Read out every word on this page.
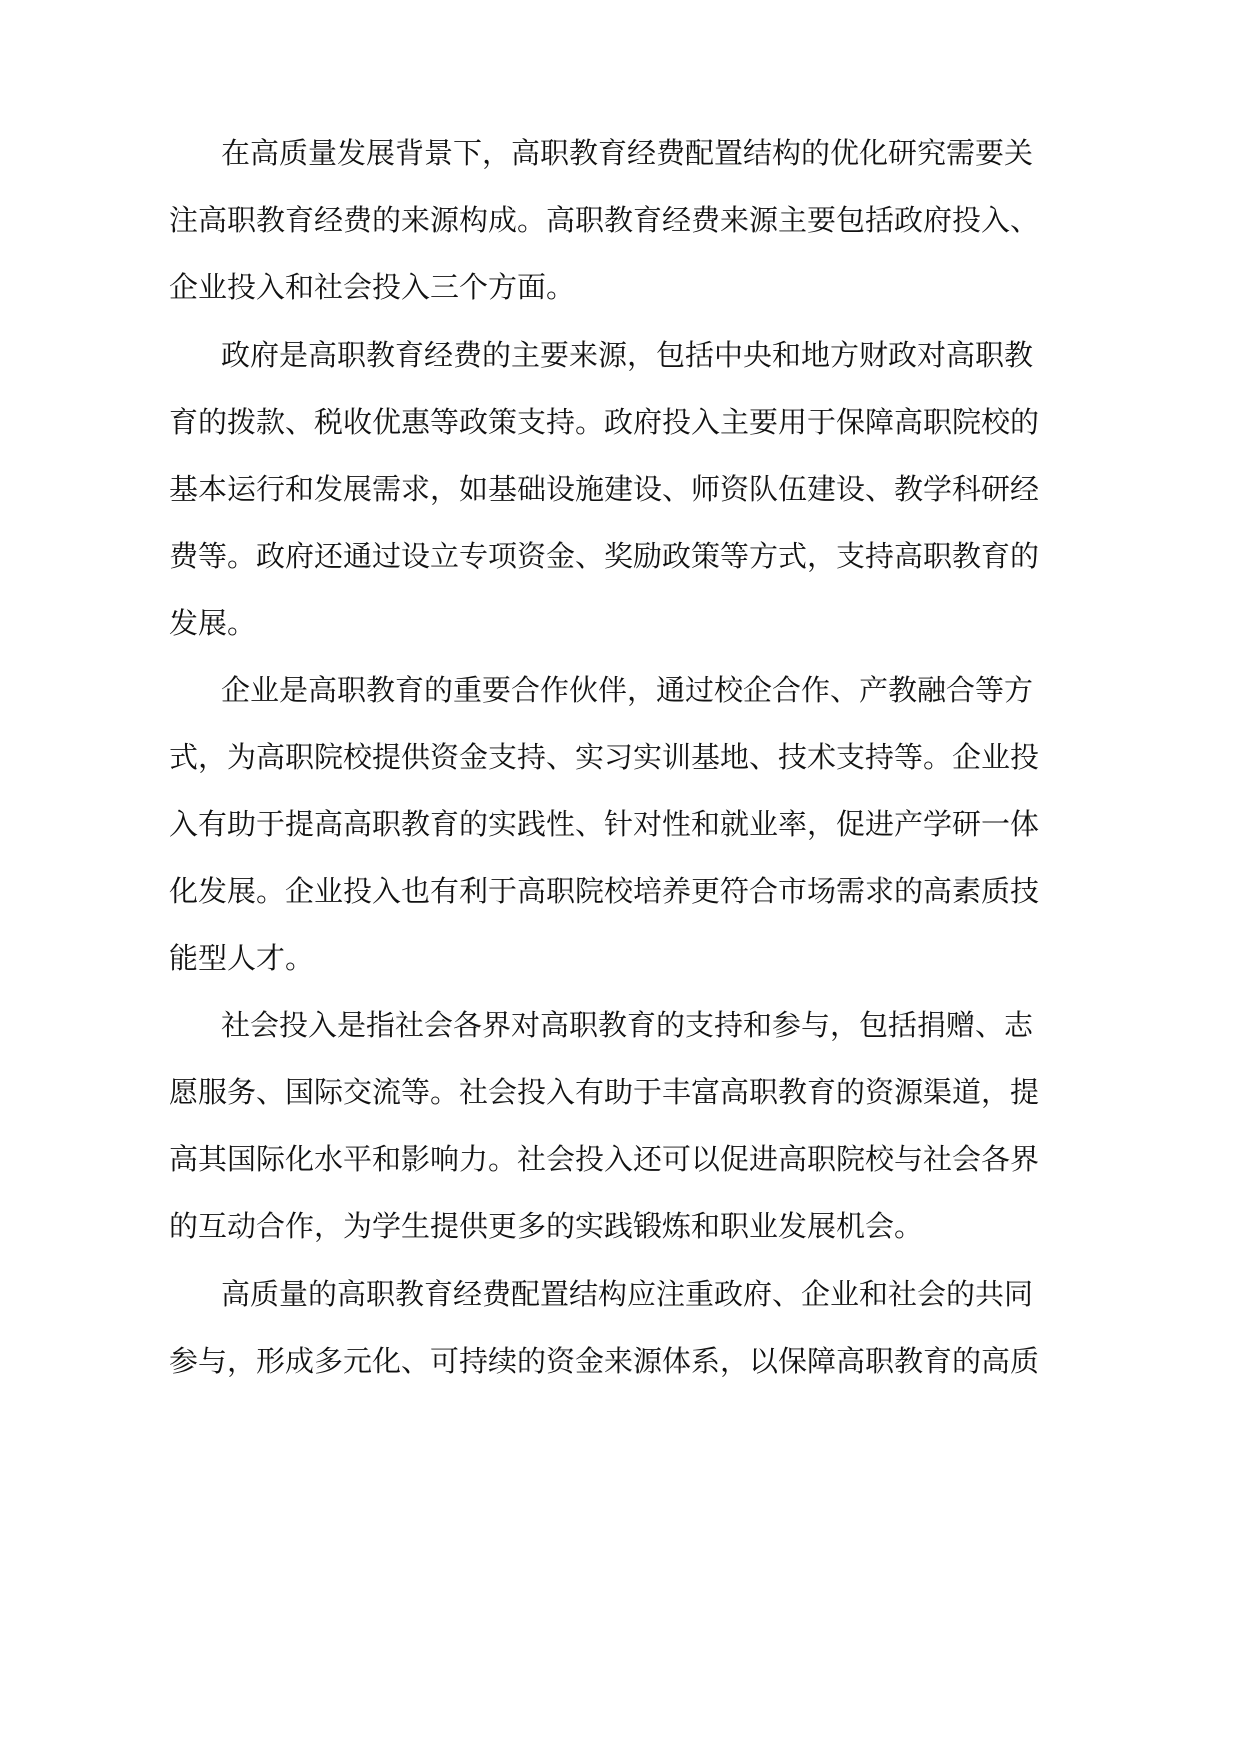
在高质量发展背景下，高职教育经费配置结构的优化研究需要关

注高职教育经费的来源构成。高职教育经费来源主要包括政府投入、

企业投入和社会投入三个方面。

政府是高职教育经费的主要来源，包括中央和地方财政对高职教

育的拨款、税收优惠等政策支持。政府投入主要用于保障高职院校的

基本运行和发展需求，如基础设施建设、师资队伍建设、教学科研经

费等。政府还通过设立专项资金、奖励政策等方式，支持高职教育的

发展。

企业是高职教育的重要合作伙伴，通过校企合作、产教融合等方

式，为高职院校提供资金支持、实习实训基地、技术支持等。企业投

入有助于提高高职教育的实践性、针对性和就业率，促进产学研一体

化发展。企业投入也有利于高职院校培养更符合市场需求的高素质技

能型人才。

社会投入是指社会各界对高职教育的支持和参与，包括捐赠、志

愿服务、国际交流等。社会投入有助于丰富高职教育的资源渠道，提

高其国际化水平和影响力。社会投入还可以促进高职院校与社会各界

的互动合作，为学生提供更多的实践锻炼和职业发展机会。

高质量的高职教育经费配置结构应注重政府、企业和社会的共同

参与，形成多元化、可持续的资金来源体系，以保障高职教育的高质
